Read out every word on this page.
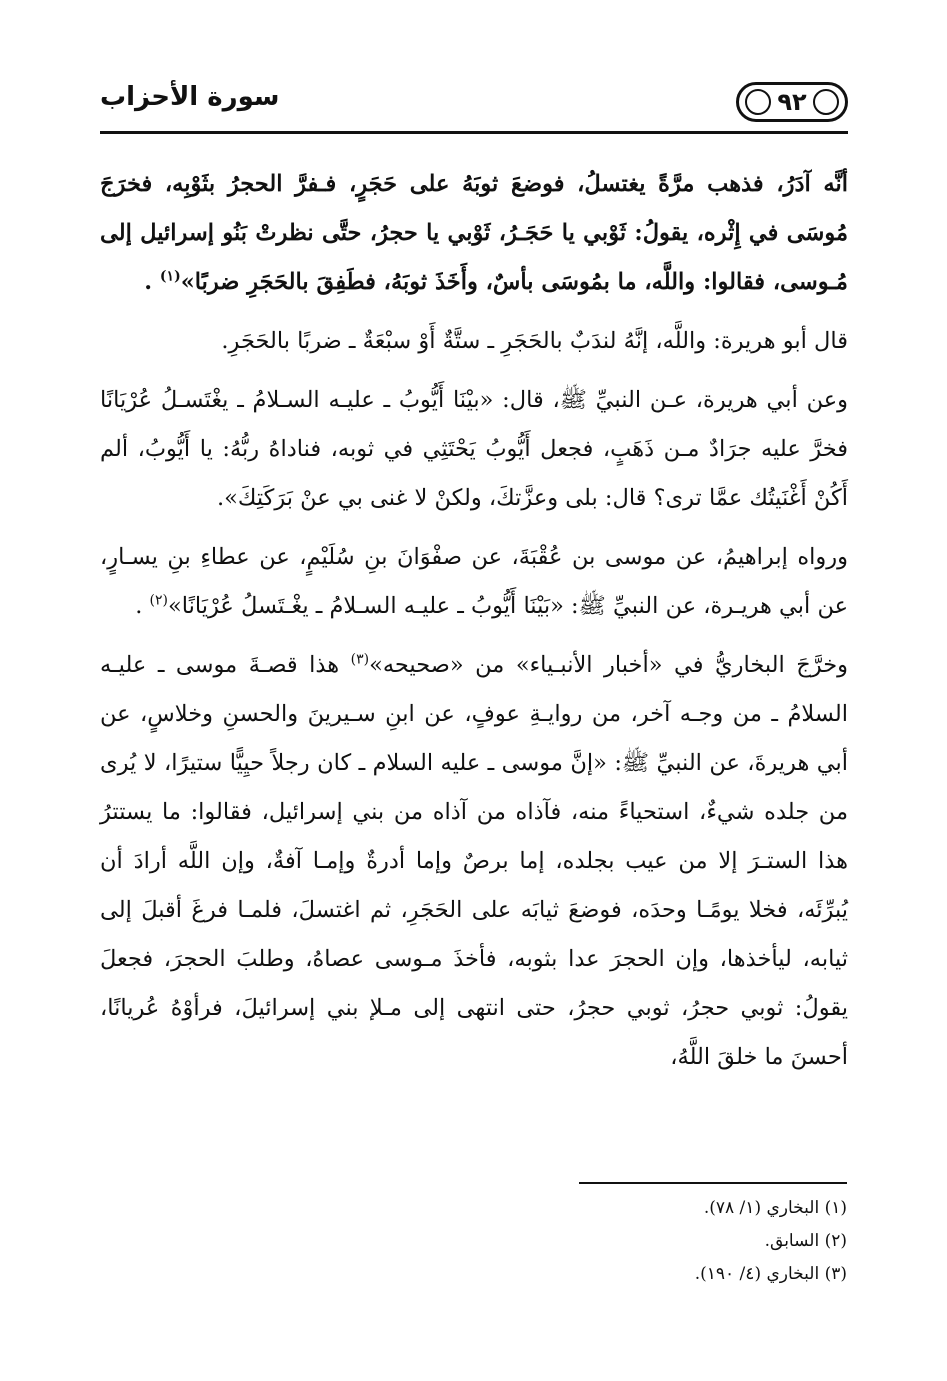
٩٢
سورة الأحزاب

أنَّه آدَرُ، فذهب مرَّةً يغتسلُ، فوضعَ ثوبَهُ على حَجَرٍ، فـفرَّ الحجرُ بثَوْبِه، فخرَجَ مُوسَى في إِثْره، يقولُ: ثَوْبي يا حَجَـرُ، ثَوْبي يا حجرُ، حتَّى نظرتْ بَنُو إسرائيل إلى مُـوسى، فقالوا: واللَّه، ما بمُوسَى بأسٌ، وأَخَذَ ثوبَهُ، فطَفِقَ بالحَجَرِ ضربًا»$^{(١)}$ .

قال أبو هريرة: واللَّه، إنَّهُ لندَبٌ بالحَجَرِ ـ ستَّةٌ أَوْ سبْعَةٌ ـ ضربًا بالحَجَرِ.

وعن أبي هريرة، عـن النبيِّ ﷺ، قال: «بيْنَا أَيُّوبُ ـ عليـه السـلامُ ـ يغْتَسـلُ عُرْيَانًا فخرَّ عليه جرَادٌ مـن ذَهَبٍ، فجعل أَيُّوبُ يَحْتَثِي في ثوبه، فناداهُ ربُّهُ: يا أَيُّوبُ، ألم أَكُنْ أَغْنَيتُك عمَّا ترى؟ قال: بلى وعزَّتكَ، ولكنْ لا غنى بي عنْ بَرَكَتِكَ».

ورواه إبراهيمُ، عن موسى بن عُقْبَةَ، عن صفْوَانَ بنِ سُلَيْمٍ، عن عطاءِ بنِ يسـارٍ، عن أبي هريـرة، عن النبيِّ ﷺ: «بَيْنَا أَيُّوبُ ـ عليـه السـلامُ ـ يغْـتَسلُ عُرْيَانًا»$^{(٢)}$ .

وخرَّجَ البخاريُّ في «أخبار الأنبـياء» من «صحيحه»$^{(٣)}$ هذا قصـةَ موسى ـ عليـه السلامُ ـ من وجـه آخر، من روايـةِ عوفٍ، عن ابنِ سـيرينَ والحسنِ وخلاسٍ، عن أبي هريرةَ، عن النبيِّ ﷺ: «إنَّ موسى ـ عليه السلام ـ كان رجلاً حيِيًّا ستيرًا، لا يُرى من جلده شيءٌ، استحياءً منه، فآذاه من آذاه من بني إسرائيل، فقالوا: ما يستترُ هذا الستـرَ إلا من عيب بجلده، إما برصٌ وإما أدرةٌ وإمـا آفةٌ، وإن اللَّه أرادَ أن يُبرِّئَه، فخلا يومًـا وحدَه، فوضعَ ثيابَه على الحَجَرِ، ثم اغتسلَ، فلمـا فرغَ أقبلَ إلى ثيابه، ليأخذها، وإن الحجرَ عدا بثوبه، فأخذَ مـوسى عصاهُ، وطلبَ الحجرَ، فجعلَ يقولُ: ثوبي حجرُ، ثوبي حجرُ، حتى انتهى إلى مـلإ بني إسرائيلَ، فرأوْهُ عُريانًا، أحسنَ ما خلقَ اللَّهُ،

(١) البخاري (١/ ٧٨).

(٢) السابق.

(٣) البخاري (٤/ ١٩٠).
